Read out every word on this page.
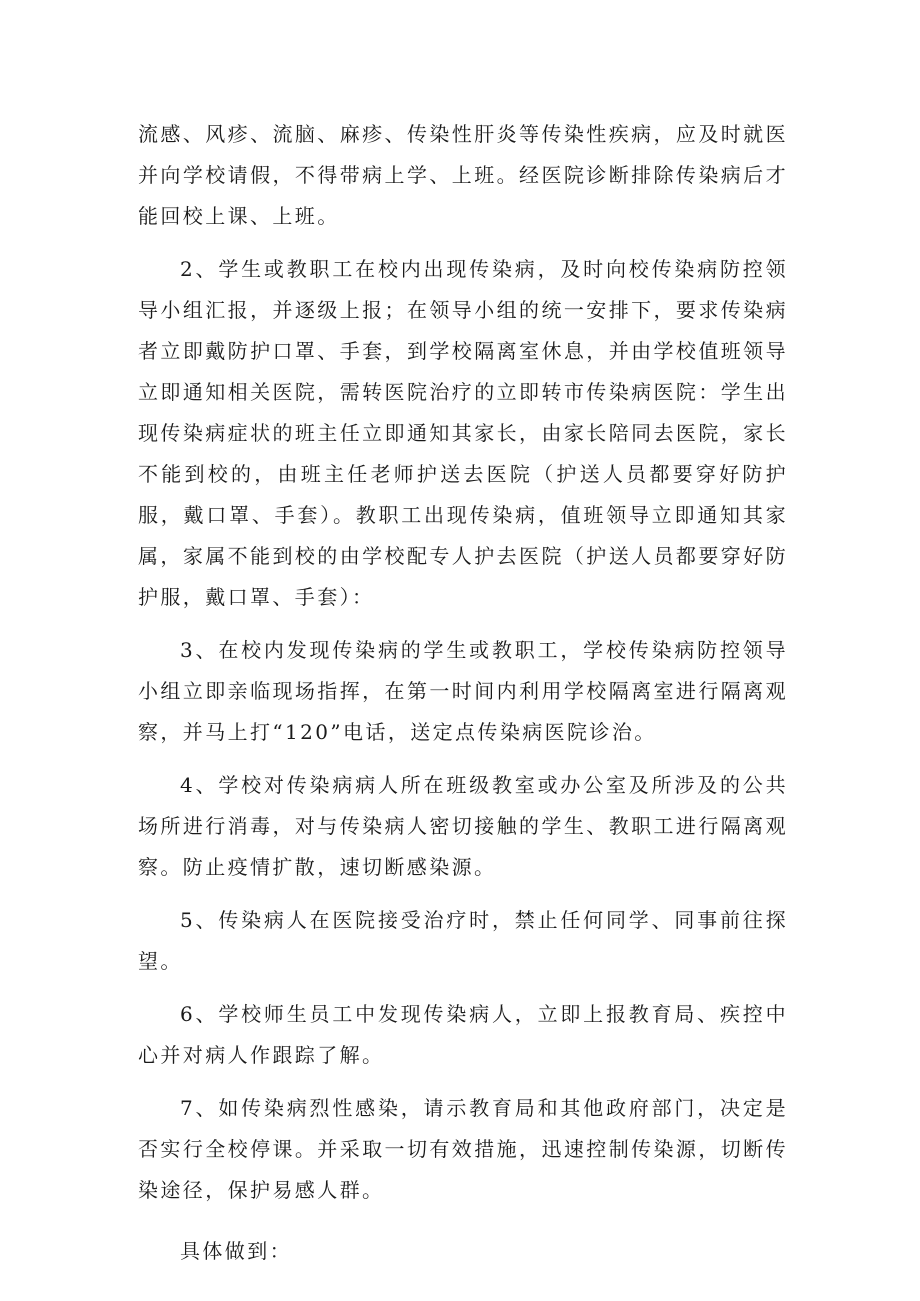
流感、风疹、流脑、麻疹、传染性肝炎等传染性疾病，应及时就医并向学校请假，不得带病上学、上班。经医院诊断排除传染病后才能回校上课、上班。

2、学生或教职工在校内出现传染病，及时向校传染病防控领导小组汇报，并逐级上报；在领导小组的统一安排下，要求传染病者立即戴防护口罩、手套，到学校隔离室休息，并由学校值班领导立即通知相关医院，需转医院治疗的立即转市传染病医院：学生出现传染病症状的班主任立即通知其家长，由家长陪同去医院，家长不能到校的，由班主任老师护送去医院（护送人员都要穿好防护服，戴口罩、手套）。教职工出现传染病，值班领导立即通知其家属，家属不能到校的由学校配专人护去医院（护送人员都要穿好防护服，戴口罩、手套）：

3、在校内发现传染病的学生或教职工，学校传染病防控领导小组立即亲临现场指挥，在第一时间内利用学校隔离室进行隔离观察，并马上打“120”电话，送定点传染病医院诊治。

4、学校对传染病病人所在班级教室或办公室及所涉及的公共场所进行消毒，对与传染病人密切接触的学生、教职工进行隔离观察。防止疫情扩散，速切断感染源。

5、传染病人在医院接受治疗时，禁止任何同学、同事前往探望。

6、学校师生员工中发现传染病人，立即上报教育局、疾控中心并对病人作跟踪了解。

7、如传染病烈性感染，请示教育局和其他政府部门，决定是否实行全校停课。并采取一切有效措施，迅速控制传染源，切断传染途径，保护易感人群。

具体做到：
